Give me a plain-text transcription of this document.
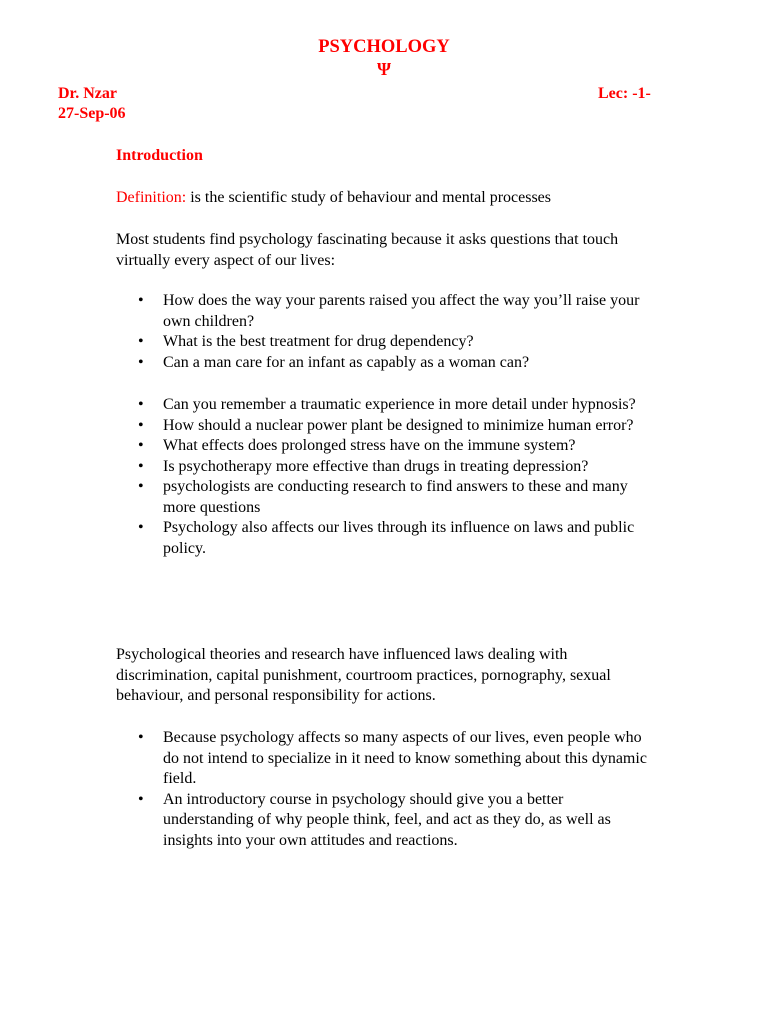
PSYCHOLOGY
Ψ
Dr. Nzar	Lec: -1-
27-Sep-06
Introduction
Definition: is the scientific study of behaviour and mental processes
Most students find psychology fascinating because it asks questions that touch virtually every aspect of our lives:
• How does the way your parents raised you affect the way you’ll raise your own children?
• What is the best treatment for drug dependency?
• Can a man care for an infant as capably as a woman can?
• Can you remember a traumatic experience in more detail under hypnosis?
• How should a nuclear power plant be designed to minimize human error?
• What effects does prolonged stress have on the immune system?
• Is psychotherapy more effective than drugs in treating depression?
• psychologists are conducting research to find answers to these and many more questions
• Psychology also affects our lives through its influence on laws and public policy.
Psychological theories and research have influenced laws dealing with discrimination, capital punishment, courtroom practices, pornography, sexual behaviour, and personal responsibility for actions.
• Because psychology affects so many aspects of our lives, even people who do not intend to specialize in it need to know something about this dynamic field.
• An introductory course in psychology should give you a better understanding of why people think, feel, and act as they do, as well as insights into your own attitudes and reactions.
